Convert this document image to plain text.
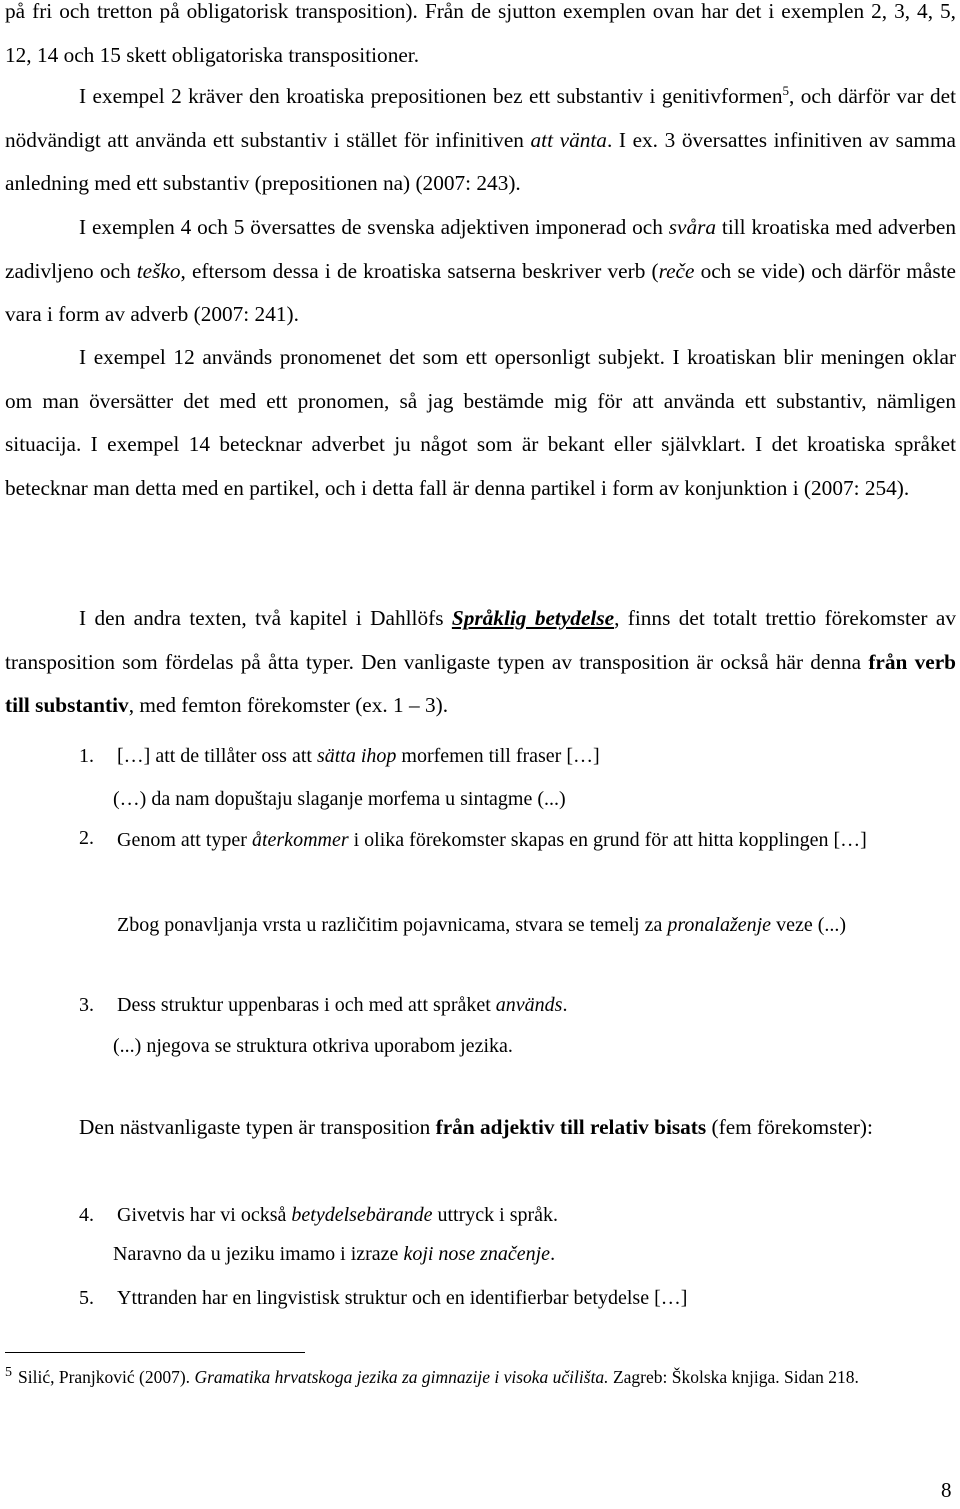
på fri och tretton på obligatorisk transposition). Från de sjutton exemplen ovan har det i exemplen 2, 3, 4, 5, 12, 14 och 15 skett obligatoriska transpositioner.

I exempel 2 kräver den kroatiska prepositionen bez ett substantiv i genitivformen$^5$, och därför var det nödvändigt att använda ett substantiv i stället för infinitiven att vänta. I ex. 3 översattes infinitiven av samma anledning med ett substantiv (prepositionen na) (2007: 243).

I exemplen 4 och 5 översattes de svenska adjektiven imponerad och svåra till kroatiska med adverben zadivljeno och teško, eftersom dessa i de kroatiska satserna beskriver verb (reče och se vide) och därför måste vara i form av adverb (2007: 241).

I exempel 12 används pronomenet det som ett opersonligt subjekt. I kroatiskan blir meningen oklar om man översätter det med ett pronomen, så jag bestämde mig för att använda ett substantiv, nämligen situacija. I exempel 14 betecknar adverbet ju något som är bekant eller självklart. I det kroatiska språket betecknar man detta med en partikel, och i detta fall är denna partikel i form av konjunktion i (2007: 254).

I den andra texten, två kapitel i Dahllöfs Språklig betydelse, finns det totalt trettio förekomster av transposition som fördelas på åtta typer. Den vanligaste typen av transposition är också här denna från verb till substantiv, med femton förekomster (ex. 1 – 3).

1. […] att de tillåter oss att sätta ihop morfemen till fraser […]
(…) da nam dopuštaju slaganje morfema u sintagme (...)
2. Genom att typer återkommer i olika förekomster skapas en grund för att hitta kopplingen […]
Zbog ponavljanja vrsta u različitim pojavnicama, stvara se temelj za pronalaženje veze (...)
3. Dess struktur uppenbaras i och med att språket används.
(...) njegova se struktura otkriva uporabom jezika.

Den nästvanligaste typen är transposition från adjektiv till relativ bisats (fem förekomster):

4. Givetvis har vi också betydelsebärande uttryck i språk.
Naravno da u jeziku imamo i izraze koji nose značenje.
5. Yttranden har en lingvistisk struktur och en identifierbar betydelse […]
$^5$ Silić, Pranjković (2007). Gramatika hrvatskoga jezika za gimnazije i visoka učilišta. Zagreb: Školska knjiga. Sidan 218.
8
